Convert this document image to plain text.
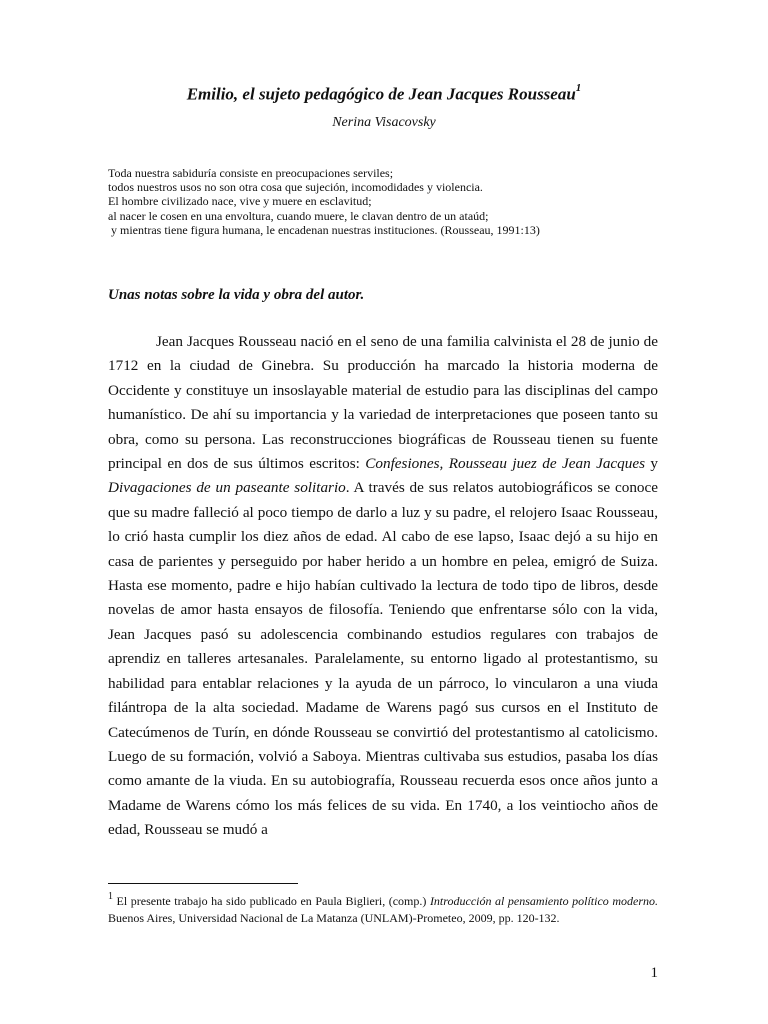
Emilio, el sujeto pedagógico de Jean Jacques Rousseau$^1$
Nerina Visacovsky
Toda nuestra sabiduría consiste en preocupaciones serviles;
todos nuestros usos no son otra cosa que sujeción, incomodidades y violencia.
El hombre civilizado nace, vive y muere en esclavitud;
al nacer le cosen en una envoltura, cuando muere, le clavan dentro de un ataúd;
y mientras tiene figura humana, le encadenan nuestras instituciones. (Rousseau, 1991:13)
Unas notas sobre la vida y obra del autor.
Jean Jacques Rousseau nació en el seno de una familia calvinista el 28 de junio de 1712 en la ciudad de Ginebra. Su producción ha marcado la historia moderna de Occidente y constituye un insoslayable material de estudio para las disciplinas del campo humanístico. De ahí su importancia y la variedad de interpretaciones que poseen tanto su obra, como su persona. Las reconstrucciones biográficas de Rousseau tienen su fuente principal en dos de sus últimos escritos: Confesiones, Rousseau juez de Jean Jacques y Divagaciones de un paseante solitario. A través de sus relatos autobiográficos se conoce que su madre falleció al poco tiempo de darlo a luz y su padre, el relojero Isaac Rousseau, lo crió hasta cumplir los diez años de edad. Al cabo de ese lapso, Isaac dejó a su hijo en casa de parientes y perseguido por haber herido a un hombre en pelea, emigró de Suiza. Hasta ese momento, padre e hijo habían cultivado la lectura de todo tipo de libros, desde novelas de amor hasta ensayos de filosofía. Teniendo que enfrentarse sólo con la vida, Jean Jacques pasó su adolescencia combinando estudios regulares con trabajos de aprendiz en talleres artesanales. Paralelamente, su entorno ligado al protestantismo, su habilidad para entablar relaciones y la ayuda de un párroco, lo vincularon a una viuda filántropa de la alta sociedad. Madame de Warens pagó sus cursos en el Instituto de Catecúmenos de Turín, en dónde Rousseau se convirtió del protestantismo al catolicismo. Luego de su formación, volvió a Saboya. Mientras cultivaba sus estudios, pasaba los días como amante de la viuda. En su autobiografía, Rousseau recuerda esos once años junto a Madame de Warens cómo los más felices de su vida. En 1740, a los veintiocho años de edad, Rousseau se mudó a
$^1$ El presente trabajo ha sido publicado en Paula Biglieri, (comp.) Introducción al pensamiento político moderno. Buenos Aires, Universidad Nacional de La Matanza (UNLAM)-Prometeo, 2009, pp. 120-132.
1
